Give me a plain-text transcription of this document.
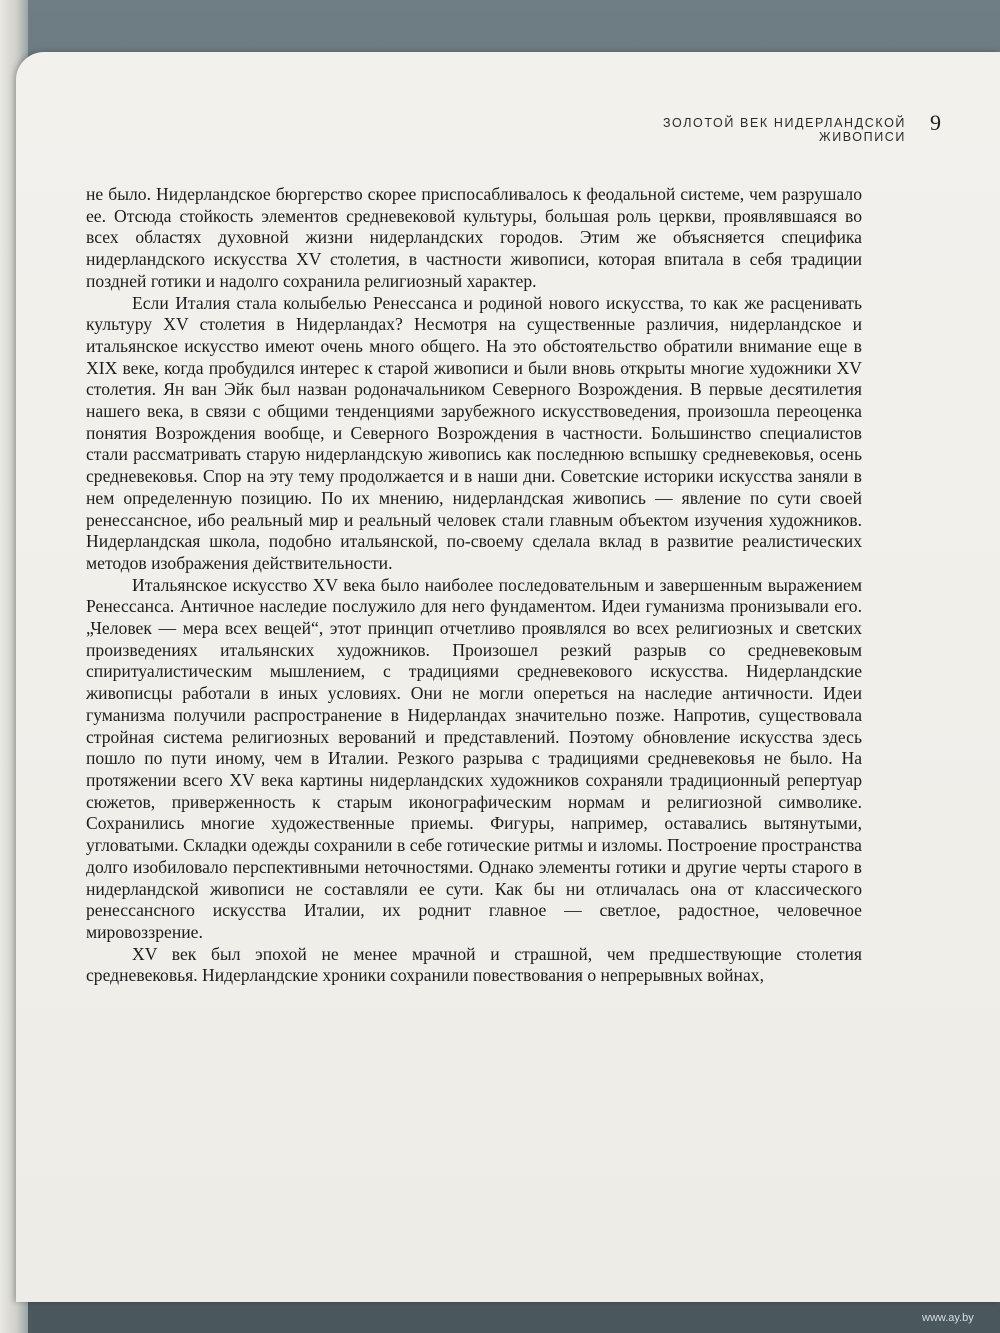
ЗОЛОТОЙ ВЕК НИДЕРЛАНДСКОЙ ЖИВОПИСИ
9

не было. Нидерландское бюргерство скорее приспосабливалось к феодальной системе, чем разрушало ее. Отсюда стойкость элементов средневековой культуры, большая роль церкви, проявлявшаяся во всех областях духовной жизни нидерландских городов. Этим же объясняется специфика нидерландского искусства XV столетия, в частности живописи, которая впитала в себя традиции поздней готики и надолго сохранила религиозный характер.

Если Италия стала колыбелью Ренессанса и родиной нового искусства, то как же расценивать культуру XV столетия в Нидерландах? Несмотря на существенные различия, нидерландское и итальянское искусство имеют очень много общего. На это обстоятельство обратили внимание еще в XIX веке, когда пробудился интерес к старой живописи и были вновь открыты многие художники XV столетия. Ян ван Эйк был назван родоначальником Северного Возрождения. В первые десятилетия нашего века, в связи с общими тенденциями зарубежного искусствоведения, произошла переоценка понятия Возрождения вообще, и Северного Возрождения в частности. Большинство специалистов стали рассматривать старую нидерландскую живопись как последнюю вспышку средневековья, осень средневековья. Спор на эту тему продолжается и в наши дни. Советские историки искусства заняли в нем определенную позицию. По их мнению, нидерландская живопись — явление по сути своей ренессансное, ибо реальный мир и реальный человек стали главным объектом изучения художников. Нидерландская школа, подобно итальянской, по-своему сделала вклад в развитие реалистических методов изображения действительности.

Итальянское искусство XV века было наиболее последовательным и завершенным выражением Ренессанса. Античное наследие послужило для него фундаментом. Идеи гуманизма пронизывали его. „Человек — мера всех вещей“, этот принцип отчетливо проявлялся во всех религиозных и светских произведениях итальянских художников. Произошел резкий разрыв со средневековым спиритуалистическим мышлением, с традициями средневекового искусства. Нидерландские живописцы работали в иных условиях. Они не могли опереться на наследие античности. Идеи гуманизма получили распространение в Нидерландах значительно позже. Напротив, существовала стройная система религиозных верований и представлений. Поэтому обновление искусства здесь пошло по пути иному, чем в Италии. Резкого разрыва с традициями средневековья не было. На протяжении всего XV века картины нидерландских художников сохраняли традиционный репертуар сюжетов, приверженность к старым иконографическим нормам и религиозной символике. Сохранились многие художественные приемы. Фигуры, например, оставались вытянутыми, угловатыми. Складки одежды сохранили в себе готические ритмы и изломы. Построение пространства долго изобиловало перспективными неточностями. Однако элементы готики и другие черты старого в нидерландской живописи не составляли ее сути. Как бы ни отличалась она от классического ренессансного искусства Италии, их роднит главное — светлое, радостное, человечное мировоззрение.

XV век был эпохой не менее мрачной и страшной, чем предшествующие столетия средневековья. Нидерландские хроники сохранили повествования о непрерывных войнах,

www.ay.by
